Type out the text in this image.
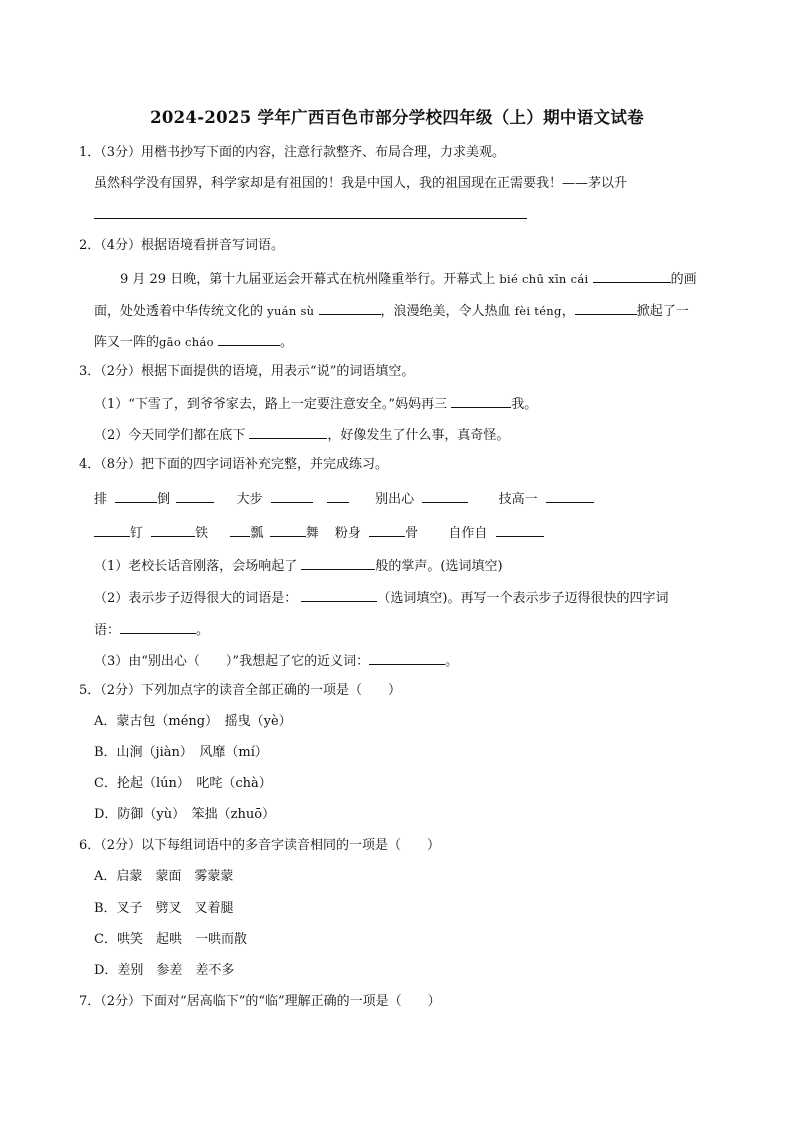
2024-2025 学年广西百色市部分学校四年级（上）期中语文试卷
1．（3分）用楷书抄写下面的内容，注意行款整齐、布局合理，力求美观。
虽然科学没有国界，科学家却是有祖国的！我是中国人，我的祖国现在正需要我！——茅以升
2．（4分）根据语境看拼音写词语。
9 月 29 日晚，第十九届亚运会开幕式在杭州隆重举行。开幕式上 bié chū xīn cái	的画
面，处处透着中华传统文化的 yuán sù	，浪漫绝美，令人热血 fèi téng，	掀起了一
阵又一阵的gāo cháo	。
3．（2分）根据下面提供的语境，用表示“说”的词语填空。
（1）“下雪了，到爷爷家去，路上一定要注意安全。”妈妈再三	我。
（2）今天同学们都在底下	，好像发生了什么事，真奇怪。
4．（8分）把下面的四字词语补充完整，并完成练习。
排	倒	大步	别出心	技高一
钉	铁	瓢	舞 粉身	骨 自作自
（1）老校长话音刚落，会场响起了	般的掌声。(选词填空)
（2）表示步子迈得很大的词语是：	（选词填空)。再写一个表示步子迈得很快的四字词
语：	。
（3）由“别出心（　　）”我想起了它的近义词：	。
5．（2分）下列加点字的读音全部正确的一项是（　　）
A．蒙古包（méng）　摇曳（yè）
B．山涧（jiàn）　风靡（mí）
C．抡起（lún）　叱咤（chà）
D．防御（yù）　笨拙（zhuō）
6．（2分）以下每组词语中的多音字读音相同的一项是（　　）
A．启蒙　蒙面　雾蒙蒙
B．叉子　劈叉　叉着腿
C．哄笑　起哄　一哄而散
D．差别　参差　差不多
7．（2分）下面对“居高临下”的“临”理解正确的一项是（　　）
